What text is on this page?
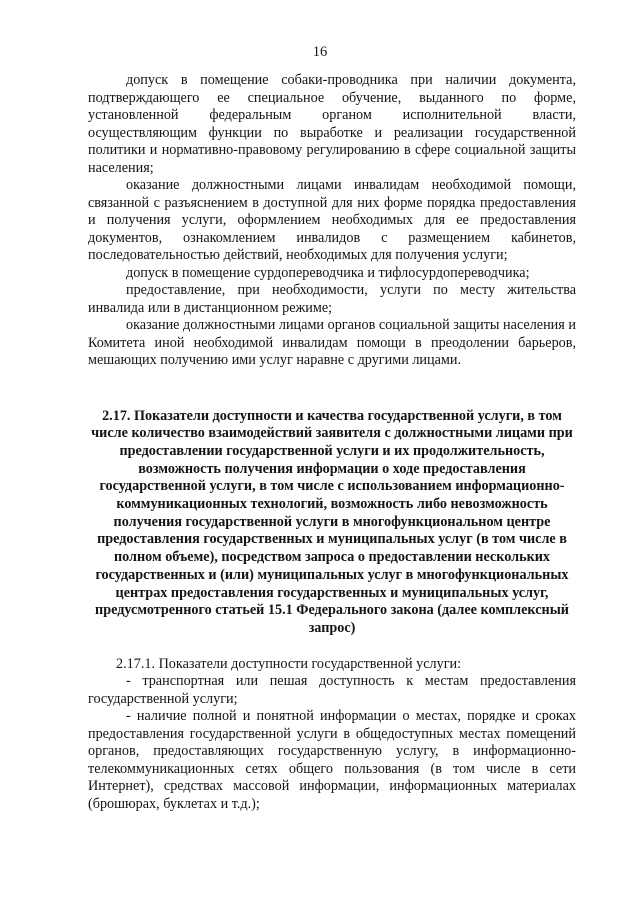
16

допуск в помещение собаки-проводника при наличии документа, подтверждающего ее специальное обучение, выданного по форме, установленной федеральным органом исполнительной власти, осуществляющим функции по выработке и реализации государственной политики и нормативно-правовому регулированию в сфере социальной защиты населения;

оказание должностными лицами инвалидам необходимой помощи, связанной с разъяснением в доступной для них форме порядка предоставления и получения услуги, оформлением необходимых для ее предоставления документов, ознакомлением инвалидов с размещением кабинетов, последовательностью действий, необходимых для получения услуги;

допуск в помещение сурдопереводчика и тифлосурдопереводчика;

предоставление, при необходимости, услуги по месту жительства инвалида или в дистанционном режиме;

оказание должностными лицами органов социальной защиты населения и Комитета иной необходимой инвалидам помощи в преодолении барьеров, мешающих получению ими услуг наравне с другими лицами.

2.17. Показатели доступности и качества государственной услуги, в том числе количество взаимодействий заявителя с должностными лицами при предоставлении государственной услуги и их продолжительность, возможность получения информации о ходе предоставления государственной услуги, в том числе с использованием информационно-коммуникационных технологий, возможность либо невозможность получения государственной услуги в многофункциональном центре предоставления государственных и муниципальных услуг (в том числе в полном объеме), посредством запроса о предоставлении нескольких государственных и (или) муниципальных услуг в многофункциональных центрах предоставления государственных и муниципальных услуг, предусмотренного статьей 15.1 Федерального закона (далее комплексный запрос)

2.17.1. Показатели доступности государственной услуги:

- транспортная или пешая доступность к местам предоставления государственной услуги;

- наличие полной и понятной информации о местах, порядке и сроках предоставления государственной услуги в общедоступных местах помещений органов, предоставляющих государственную услугу, в информационно-телекоммуникационных сетях общего пользования (в том числе в сети Интернет), средствах массовой информации, информационных материалах (брошюрах, буклетах и т.д.);
